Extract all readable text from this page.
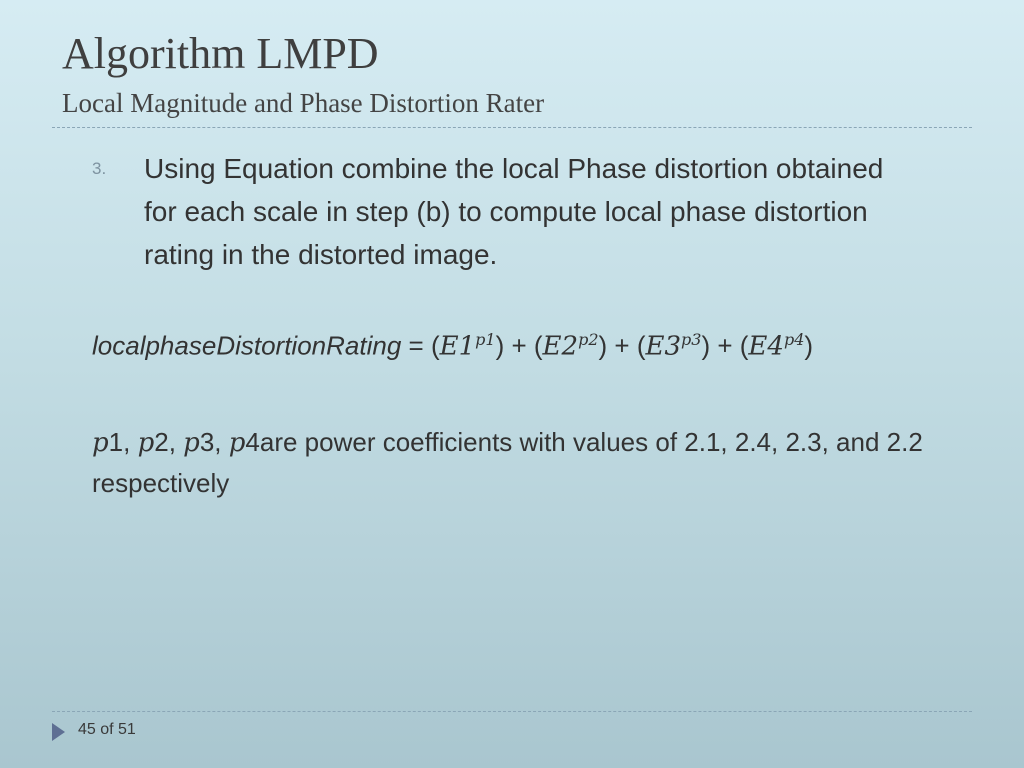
Algorithm LMPD
Local Magnitude and Phase Distortion Rater
3. Using Equation combine the local Phase distortion obtained for each scale in step (b) to compute local phase distortion rating in the distorted image.
localphaseDistortionRating = $(E1^{p1}) + (E2^{p2}) + (E3^{p3}) + (E4^{p4})$
p1, p2, p3, p4are power coefficients with values of 2.1, 2.4, 2.3, and 2.2 respectively
45 of 51
